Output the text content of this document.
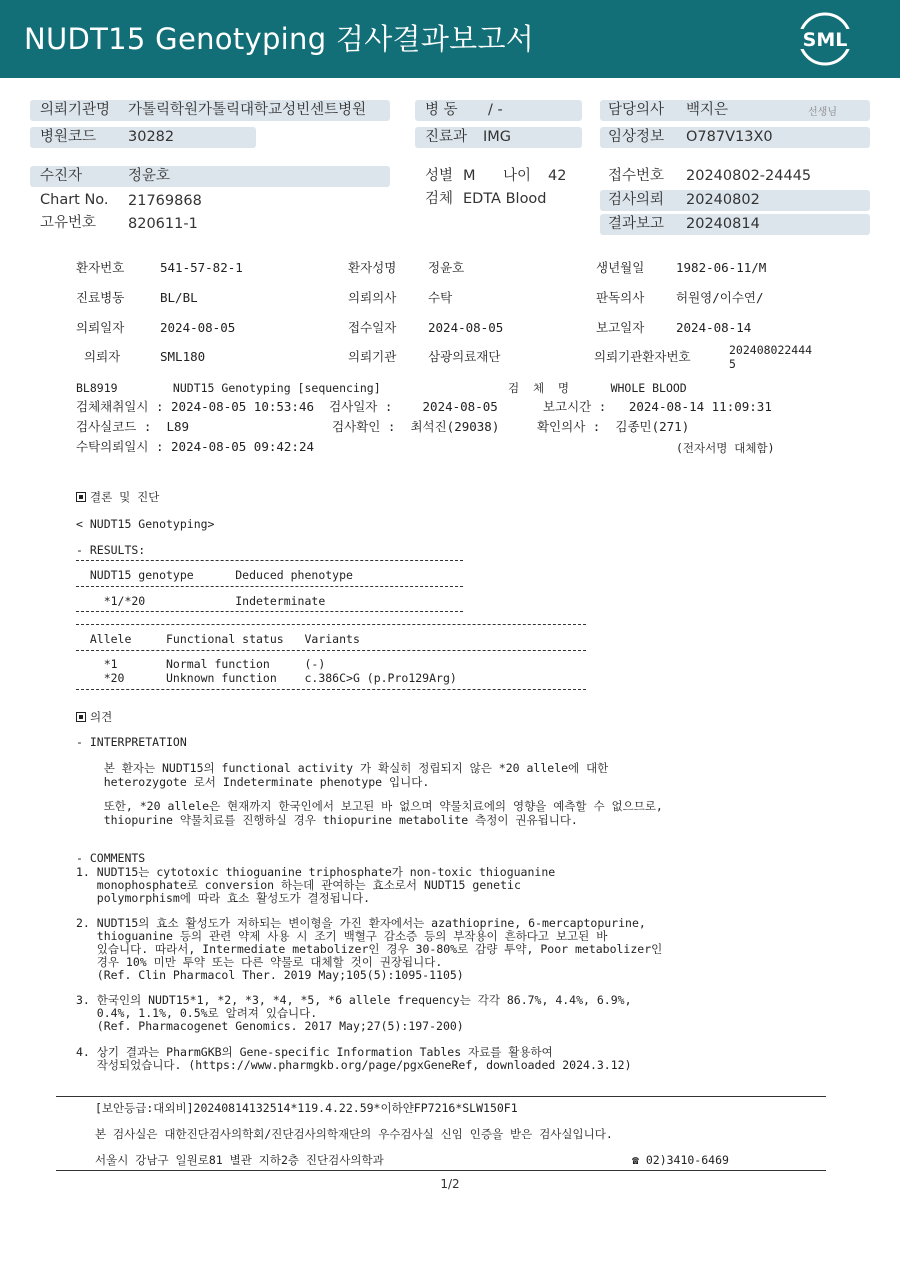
NUDT15 Genotyping 검사결과보고서	SML
의뢰기관명 가톨릭학원가톨릭대학교성빈센트병원	병 동 / -	담당의사 백지은	선생님
병원코드 30282	진료과 IMG	임상정보 O787V13X0
수진자	정윤호	성별 M 나이 42	접수번호 20240802-24445
Chart No. 21769868	검체 EDTA Blood	검사의뢰 20240802
고유번호 820611-1	결과보고 20240814
환자번호	541-57-82-1	환자성명	정윤호	생년월일	1982-06-11/M
진료병동	BL/BL	의뢰의사	수탁	판독의사	허원영/이수연/
의뢰일자	2024-08-05	접수일자	2024-08-05	보고일자	2024-08-14
의뢰자	SML180	의뢰기관	삼광의료재단	의뢰기관환자번호	202408022444
5
BL8919        NUDT15 Genotyping [sequencing]	검  체  명      WHOLE BLOOD
검체채취일시 : 2024-08-05 10:53:46  검사일자 :    2024-08-05      보고시간 :   2024-08-14 11:09:31
검사실코드 :  L89                   검사확인 :  최석진(29038)     확인의사 :  김종민(271)
수탁의뢰일시 : 2024-08-05 09:42:24	(전자서명 대체함)
결론 및 진단
< NUDT15 Genotyping>
- RESULTS:
NUDT15 genotype      Deduced phenotype
*1/*20             Indeterminate
Allele     Functional status   Variants
*1       Normal function     (-)
*20      Unknown function    c.386C>G (p.Pro129Arg)
의견
- INTERPRETATION
본 환자는 NUDT15의 functional activity 가 확실히 정립되지 않은 *20 allele에 대한
heterozygote 로서 Indeterminate phenotype 입니다.
또한, *20 allele은 현재까지 한국인에서 보고된 바 없으며 약물치료에의 영향을 예측할 수 없으므로,
thiopurine 약물치료를 진행하실 경우 thiopurine metabolite 측정이 권유됩니다.
- COMMENTS
1. NUDT15는 cytotoxic thioguanine triphosphate가 non-toxic thioguanine
monophosphate로 conversion 하는데 관여하는 효소로서 NUDT15 genetic
polymorphism에 따라 효소 활성도가 결정됩니다.
2. NUDT15의 효소 활성도가 저하되는 변이형을 가진 환자에서는 azathioprine, 6-mercaptopurine,
thioguanine 등의 관련 약제 사용 시 조기 백혈구 감소증 등의 부작용이 흔하다고 보고된 바
있습니다. 따라서, Intermediate metabolizer인 경우 30-80%로 감량 투약, Poor metabolizer인
경우 10% 미만 투약 또는 다른 약물로 대체할 것이 권장됩니다.
(Ref. Clin Pharmacol Ther. 2019 May;105(5):1095-1105)
3. 한국인의 NUDT15*1, *2, *3, *4, *5, *6 allele frequency는 각각 86.7%, 4.4%, 6.9%,
0.4%, 1.1%, 0.5%로 알려져 있습니다.
(Ref. Pharmacogenet Genomics. 2017 May;27(5):197-200)
4. 상기 결과는 PharmGKB의 Gene-specific Information Tables 자료를 활용하여
작성되었습니다. (https://www.pharmgkb.org/page/pgxGeneRef, downloaded 2024.3.12)
[보안등급:대외비]20240814132514*119.4.22.59*이하얀FP7216*SLW150F1
본 검사실은 대한진단검사의학회/진단검사의학재단의 우수검사실 신임 인증을 받은 검사실입니다.
서울시 강남구 일원로81 별관 지하2층 진단검사의학과	☎ 02)3410-6469
1/2
